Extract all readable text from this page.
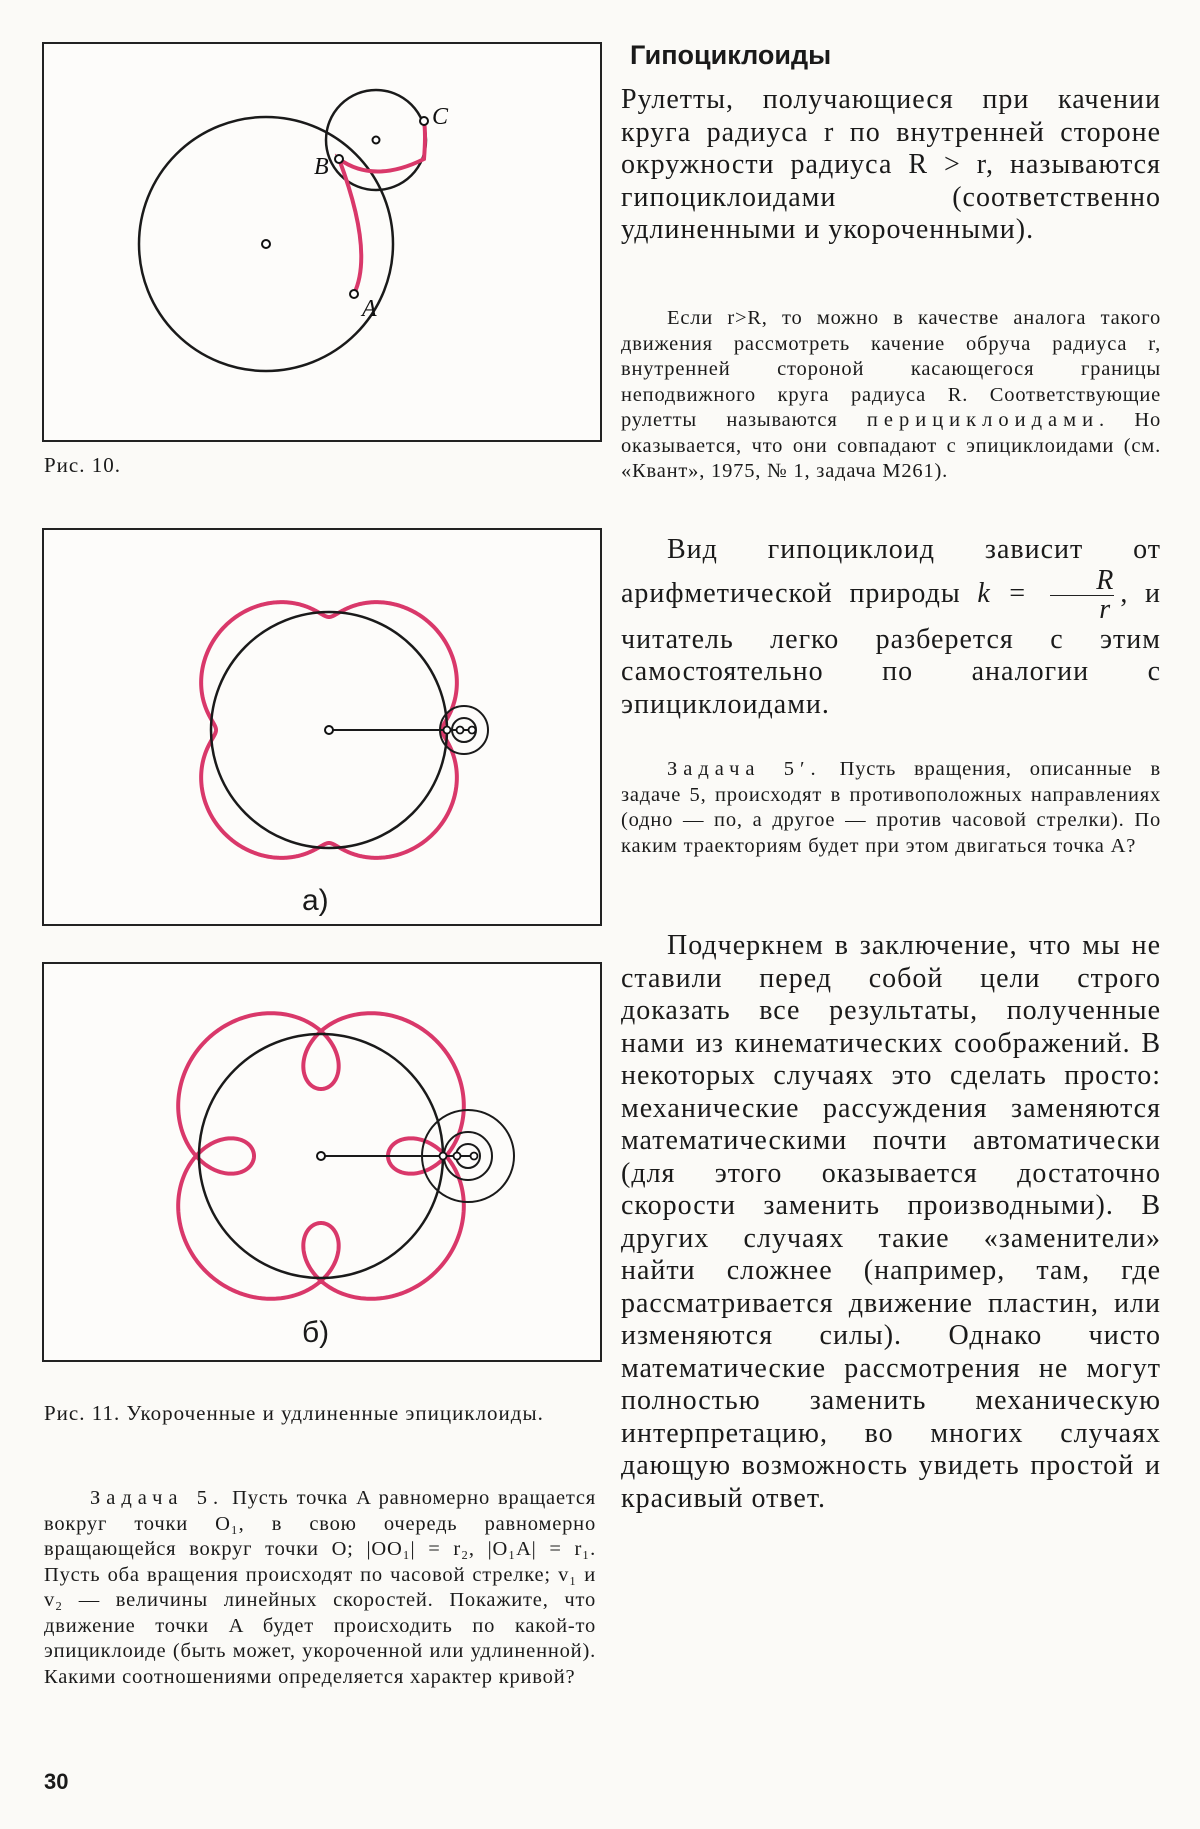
A
B
C
Рис. 10.
а)
б)
Рис. 11. Укороченные и удлиненные эпициклоиды.

Задача 5. Пусть точка A равномерно вращается вокруг точки O₁, в свою очередь равномерно вращающейся вокруг точки O; |OO₁| = r₂, |O₁A| = r₁. Пусть оба вращения происходят по часовой стрелке; v₁ и v₂ — величины линейных скоростей. Покажите, что движение точки A будет происходить по какой-то эпициклоиде (быть может, укороченной или удлиненной). Какими соотношениями определяется характер кривой?

30
Гипоциклоиды

Рулетты, получающиеся при качении круга радиуса r по внутренней стороне окружности радиуса R > r, называются гипоциклоидами (соответственно удлиненными и укороченными).

Если r>R, то можно в качестве аналога такого движения рассмотреть качение обруча радиуса r, внутренней стороной касающегося границы неподвижного круга радиуса R. Соответствующие рулетты называются перициклоидами. Но оказывается, что они совпадают с эпициклоидами (см. «Квант», 1975, № 1, задача М261).

Вид гипоциклоид зависит от арифметической природы $k = \frac{R}{r}$ , и читатель легко разберется с этим самостоятельно по аналогии с эпициклоидами.

Задача 5′. Пусть вращения, описанные в задаче 5, происходят в противоположных направлениях (одно — по, а другое — против часовой стрелки). По каким траекториям будет при этом двигаться точка A?

Подчеркнем в заключение, что мы не ставили перед собой цели строго доказать все результаты, полученные нами из кинематических соображений. В некоторых случаях это сделать просто: механические рассуждения заменяются математическими почти автоматически (для этого оказывается достаточно скорости заменить производными). В других случаях такие «заменители» найти сложнее (например, там, где рассматривается движение пластин, или изменяются силы). Однако чисто математические рассмотрения не могут полностью заменить механическую интерпретацию, во многих случаях дающую возможность увидеть простой и красивый ответ.
